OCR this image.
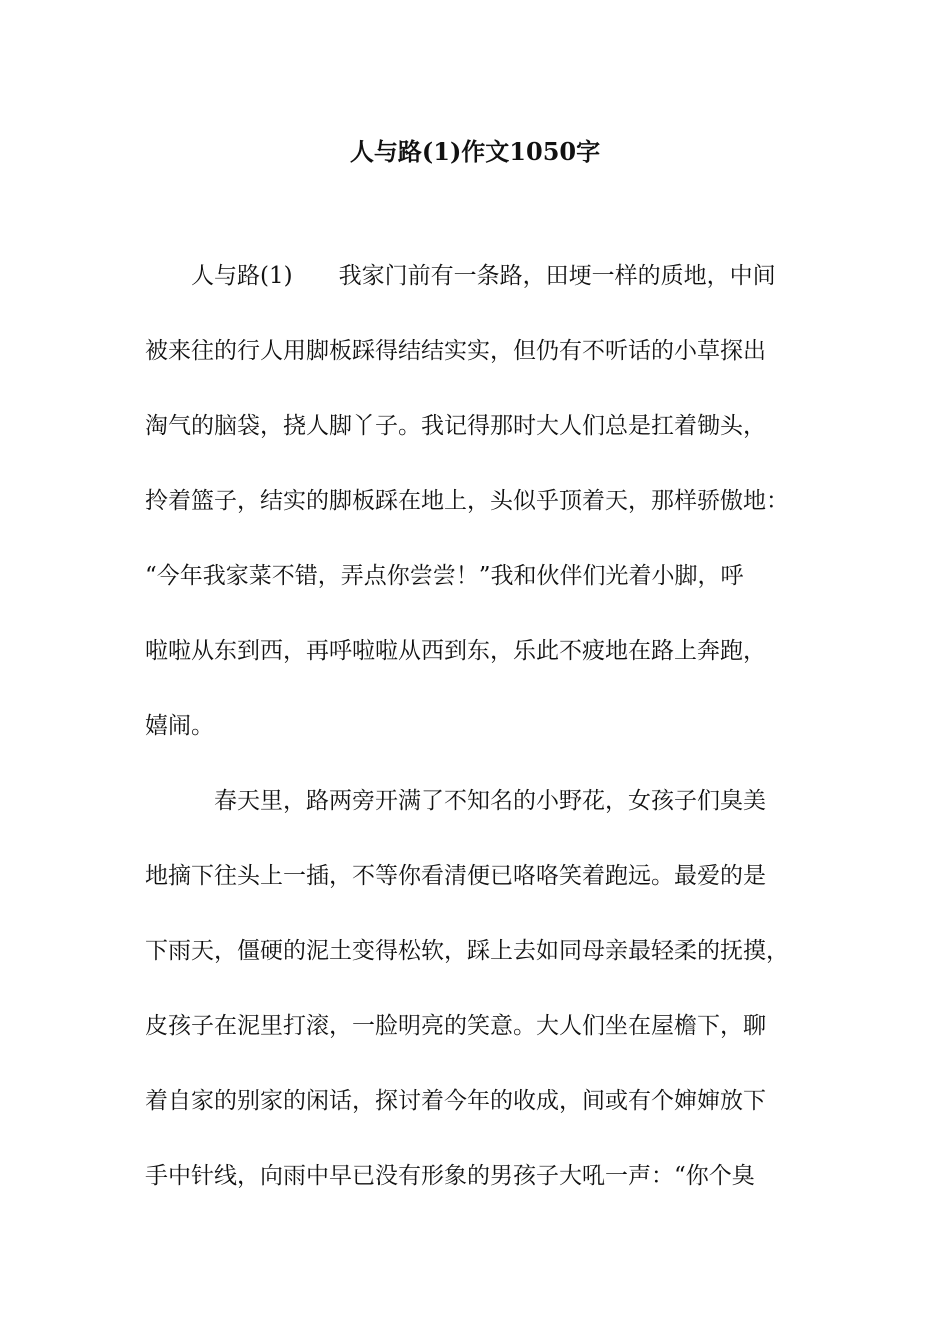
人与路(1)作文1050字
　　人与路(1)　　我家门前有一条路，田埂一样的质地，中间
被来往的行人用脚板踩得结结实实，但仍有不听话的小草探出
淘气的脑袋，挠人脚丫子。我记得那时大人们总是扛着锄头，
拎着篮子，结实的脚板踩在地上，头似乎顶着天，那样骄傲地：
“今年我家菜不错，弄点你尝尝！”我和伙伴们光着小脚，呼
啦啦从东到西，再呼啦啦从西到东，乐此不疲地在路上奔跑，
嬉闹。
　　　春天里，路两旁开满了不知名的小野花，女孩子们臭美
地摘下往头上一插，不等你看清便已咯咯笑着跑远。最爱的是
下雨天，僵硬的泥土变得松软，踩上去如同母亲最轻柔的抚摸，
皮孩子在泥里打滚，一脸明亮的笑意。大人们坐在屋檐下，聊
着自家的别家的闲话，探讨着今年的收成，间或有个婶婶放下
手中针线，向雨中早已没有形象的男孩子大吼一声：“你个臭
